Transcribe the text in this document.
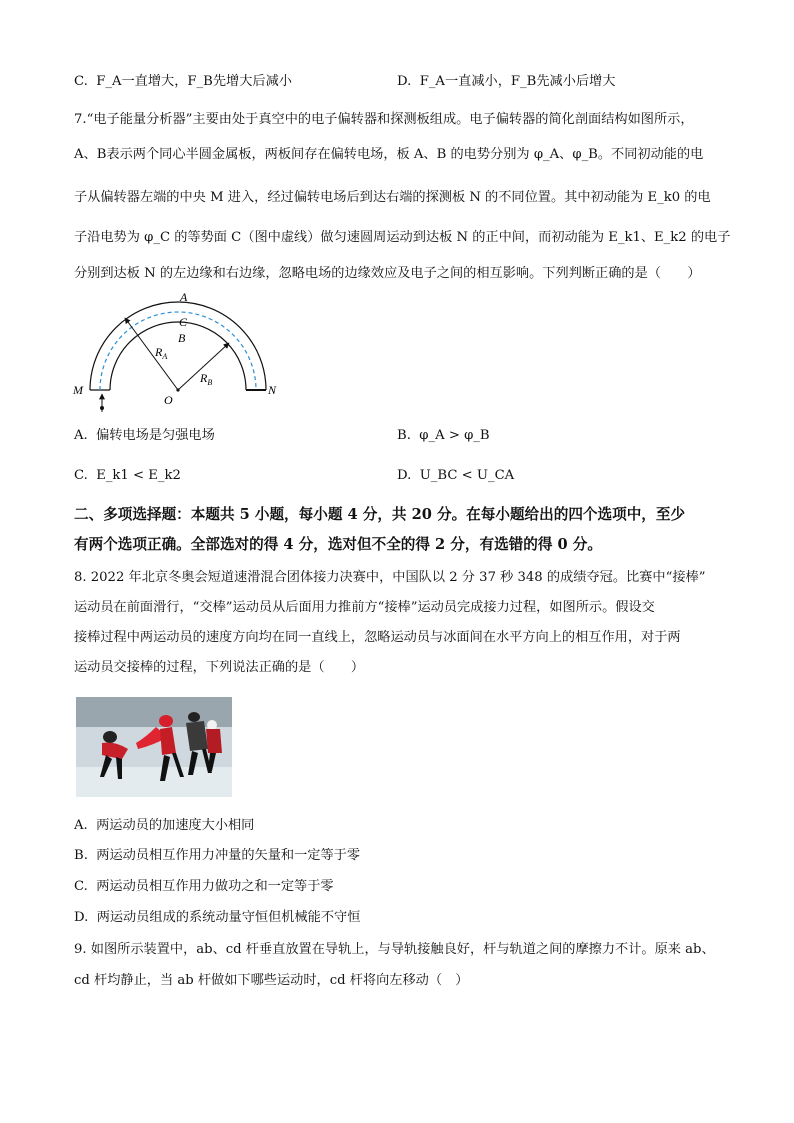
C. F_A一直增大，F_B先增大后减小	D. F_A一直减小，F_B先减小后增大
7.“电子能量分析器”主要由处于真空中的电子偏转器和探测板组成。电子偏转器的简化剖面结构如图所示，
A、B表示两个同心半圆金属板，两板间存在偏转电场，板 A、B 的电势分别为 φ_A、φ_B。不同初动能的电
子从偏转器左端的中央 M 进入，经过偏转电场后到达右端的探测板 N 的不同位置。其中初动能为 E_k0 的电
子沿电势为 φ_C 的等势面 C（图中虚线）做匀速圆周运动到达板 N 的正中间，而初动能为 E_k1、E_k2 的电子
分别到达板 N 的左边缘和右边缘，忽略电场的边缘效应及电子之间的相互影响。下列判断正确的是（　　）
A
C
B
$R_A$
$R_B$
O
M	N
A. 偏转电场是匀强电场	B. φ_A > φ_B
C. E_k1 < E_k2	D. U_BC < U_CA
二、多项选择题：本题共 5 小题，每小题 4 分，共 20 分。在每小题给出的四个选项中，至少
有两个选项正确。全部选对的得 4 分，选对但不全的得 2 分，有选错的得 0 分。
8. 2022 年北京冬奥会短道速滑混合团体接力决赛中，中国队以 2 分 37 秒 348 的成绩夺冠。比赛中“接棒”
运动员在前面滑行，“交棒”运动员从后面用力推前方“接棒”运动员完成接力过程，如图所示。假设交
接棒过程中两运动员的速度方向均在同一直线上，忽略运动员与冰面间在水平方向上的相互作用，对于两
运动员交接棒的过程，下列说法正确的是（　　）
A. 两运动员的加速度大小相同
B. 两运动员相互作用力冲量的矢量和一定等于零
C. 两运动员相互作用力做功之和一定等于零
D. 两运动员组成的系统动量守恒但机械能不守恒
9. 如图所示装置中，ab、cd 杆垂直放置在导轨上，与导轨接触良好，杆与轨道之间的摩擦力不计。原来 ab、
cd 杆均静止，当 ab 杆做如下哪些运动时，cd 杆将向左移动（　）
